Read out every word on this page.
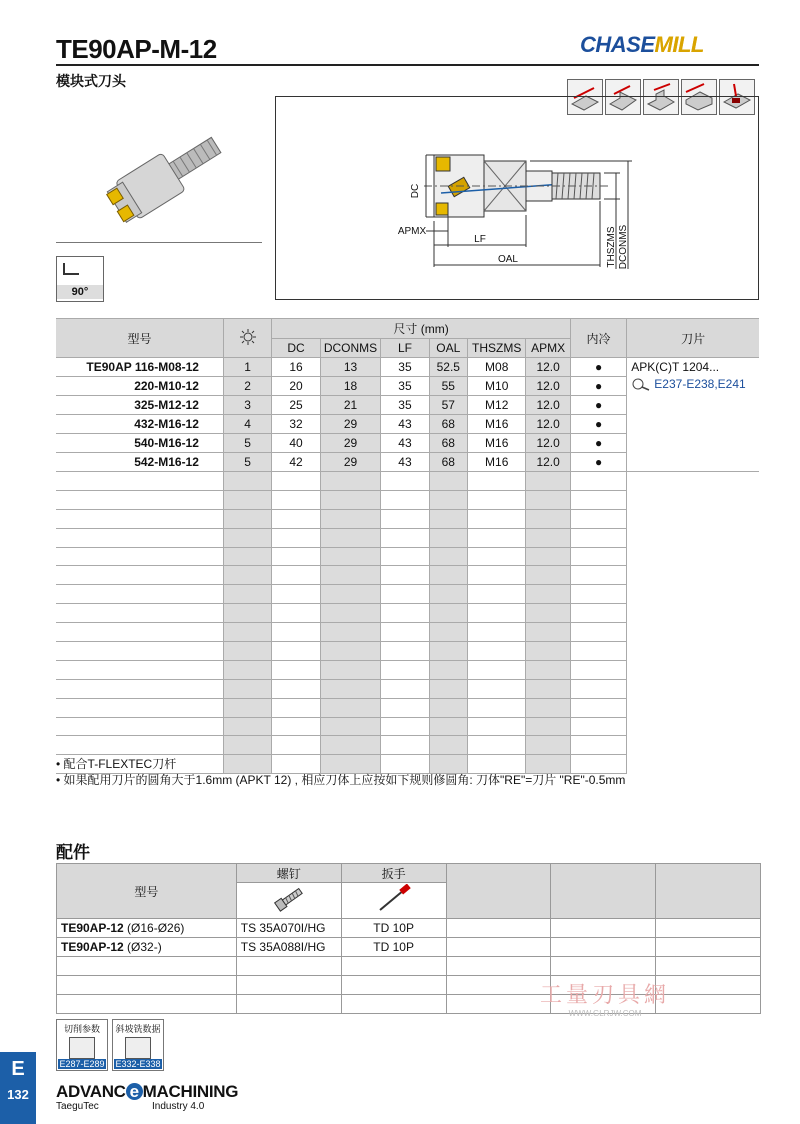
TE90AP-M-12
模块式刀头
CHASEMILL
90°
DC
APMX
LF
OAL	THSZMS DCONMS
型号		尺寸 (mm)						内冷	刀片
		DC	DCONMS	LF	OAL	THSZMS	APMX		
TE90AP 116-M08-12	1	16	13	35	52.5	M08	12.0	●	APK(C)T 1204...
E237-E238,E241

220-M10-12	2	20	18	35	55	M10	12.0	●	
325-M12-12	3	25	21	35	57	M12	12.0	●	
432-M16-12	4	32	29	43	68	M16	12.0	●	
540-M16-12	5	40	29	43	68	M16	12.0	●	
542-M16-12	5	42	29	43	68	M16	12.0	●	

• 配合T-FLEXTEC刀杆
• 如果配用刀片的圆角大于1.6mm (APKT 12) , 相应刀体上应按如下规则修圆角: 刀体"RE"=刀片 "RE"-0.5mm
配件
型号	螺钉	扳手			

TE90AP-12 (Ø16-Ø26)	TS 35A070I/HG	TD 10P			
TE90AP-12 (Ø32-)	TS 35A088I/HG	TD 10P			

工量刃具網
WWW.GLRJW.COM
切削参数
E287-E289
斜坡铣数据
E332-E338
E
132	ADVANC e MACHINING
TaeguTec	Industry 4.0
